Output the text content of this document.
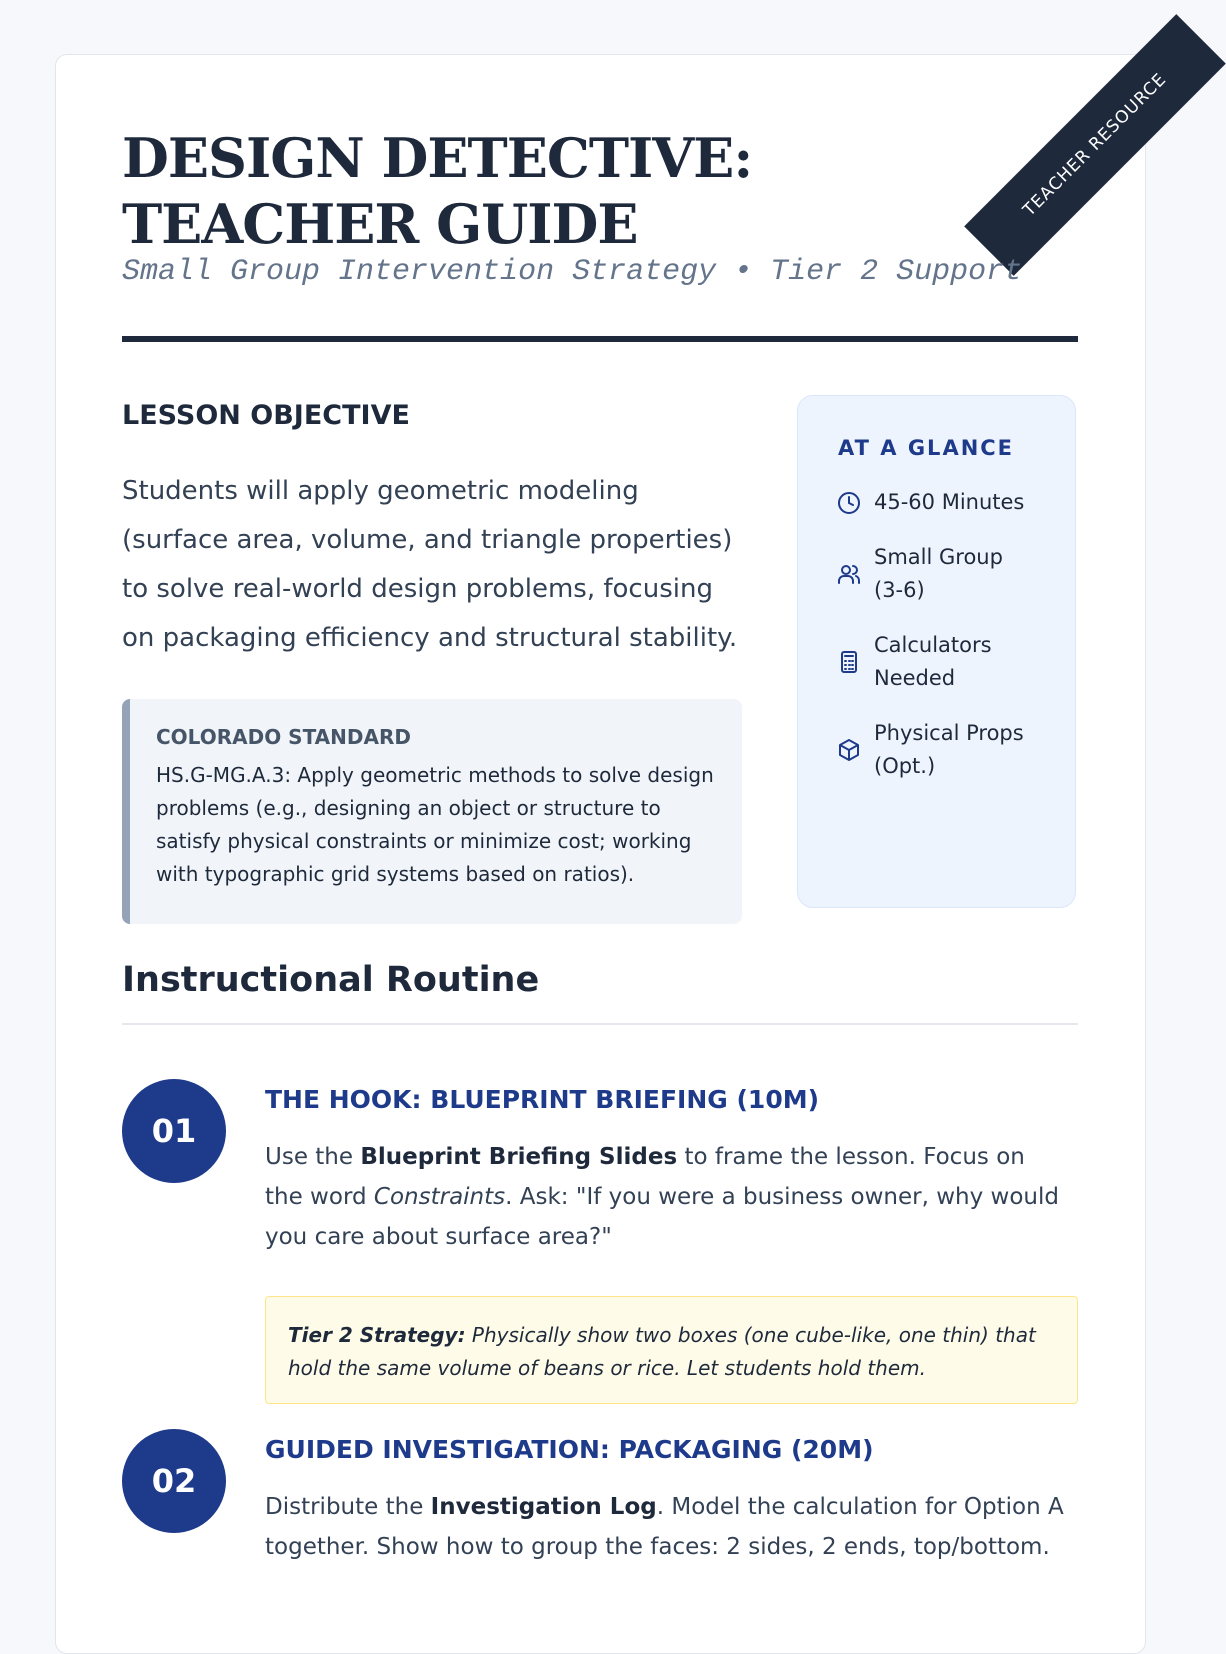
TEACHER RESOURCE
DESIGN DETECTIVE: TEACHER GUIDE
Small Group Intervention Strategy • Tier 2 Support
LESSON OBJECTIVE

Students will apply geometric modeling (surface area, volume, and triangle properties) to solve real-world design problems, focusing on packaging efficiency and structural stability.

COLORADO STANDARD

HS.G-MG.A.3: Apply geometric methods to solve design problems (e.g., designing an object or structure to satisfy physical constraints or minimize cost; working with typographic grid systems based on ratios).

AT A GLANCE
45-60 Minutes
Small Group (3-6)
Calculators Needed
Physical Props (Opt.)
Instructional Routine
01
THE HOOK: BLUEPRINT BRIEFING (10M)

Use the Blueprint Briefing Slides to frame the lesson. Focus on the word Constraints. Ask: "If you were a business owner, why would you care about surface area?"

Tier 2 Strategy: Physically show two boxes (one cube-like, one thin) that hold the same volume of beans or rice. Let students hold them.
02
GUIDED INVESTIGATION: PACKAGING (20M)

Distribute the Investigation Log. Model the calculation for Option A together. Show how to group the faces: 2 sides, 2 ends, top/bottom.
